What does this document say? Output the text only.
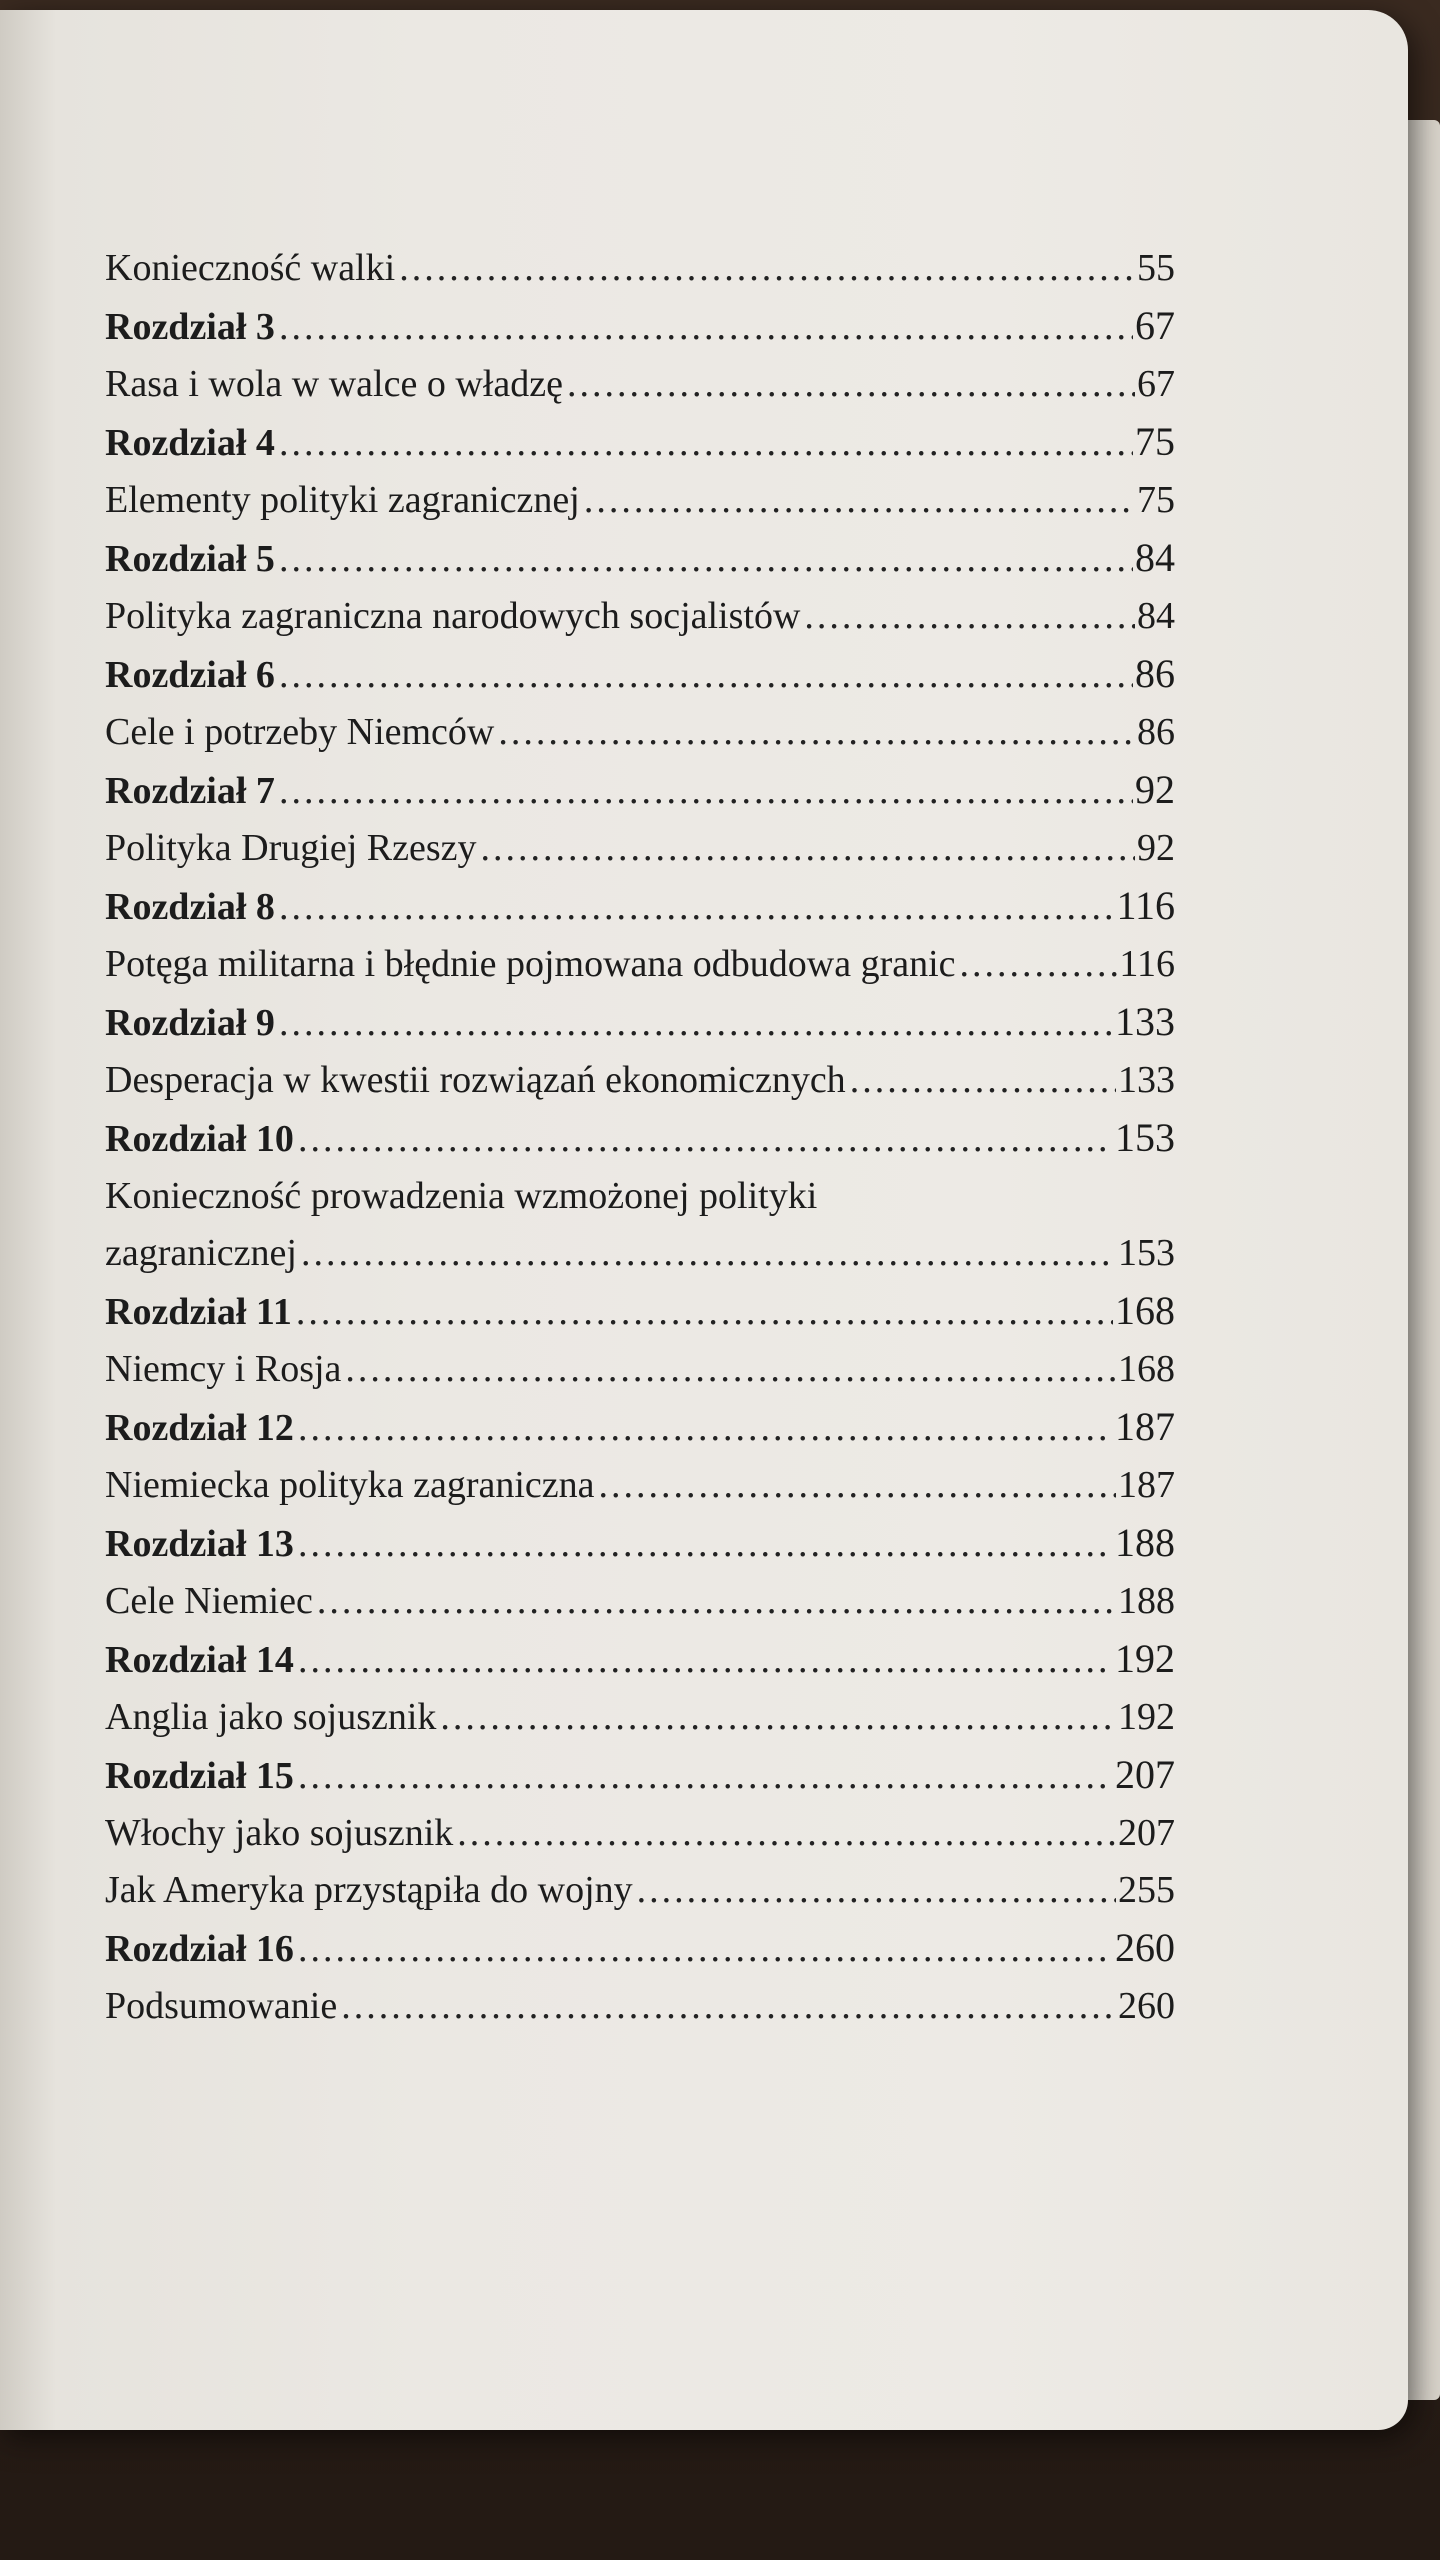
Konieczność walki .....	55
Rozdział 3 .....	67
Rasa i wola w walce o władzę .....	67
Rozdział 4 .....	75
Elementy polityki zagranicznej .....	75
Rozdział 5 .....	84
Polityka zagraniczna narodowych socjalistów .....	84
Rozdział 6 .....	86
Cele i potrzeby Niemców .....	86
Rozdział 7 .....	92
Polityka Drugiej Rzeszy .....	92
Rozdział 8 .....	116
Potęga militarna i błędnie pojmowana odbudowa granic .....	116
Rozdział 9 .....	133
Desperacja w kwestii rozwiązań ekonomicznych .....	133
Rozdział 10 .....	153
Konieczność prowadzenia wzmożonej polityki
zagranicznej .....	153
Rozdział 11 .....	168
Niemcy i Rosja .....	168
Rozdział 12 .....	187
Niemiecka polityka zagraniczna .....	187
Rozdział 13 .....	188
Cele Niemiec .....	188
Rozdział 14 .....	192
Anglia jako sojusznik .....	192
Rozdział 15 .....	207
Włochy jako sojusznik .....	207
Jak Ameryka przystąpiła do wojny .....	255
Rozdział 16 .....	260
Podsumowanie .....	260
